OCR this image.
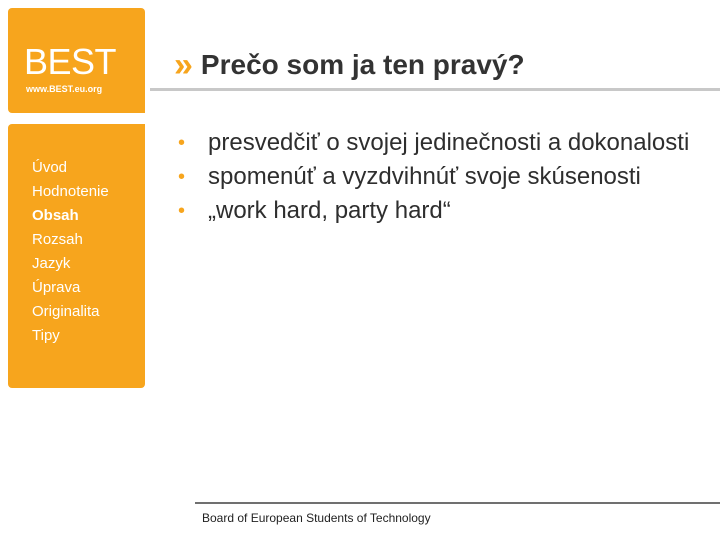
BEST
www.BEST.eu.org
Úvod
Hodnotenie
Obsah
Rozsah
Jazyk
Úprava
Originalita
Tipy
» Prečo som ja ten pravý?
• presvedčiť o svojej jedinečnosti a dokonalosti
• spomenúť a vyzdvihnúť svoje skúsenosti
• „work hard, party hard“
Board of European Students of Technology
